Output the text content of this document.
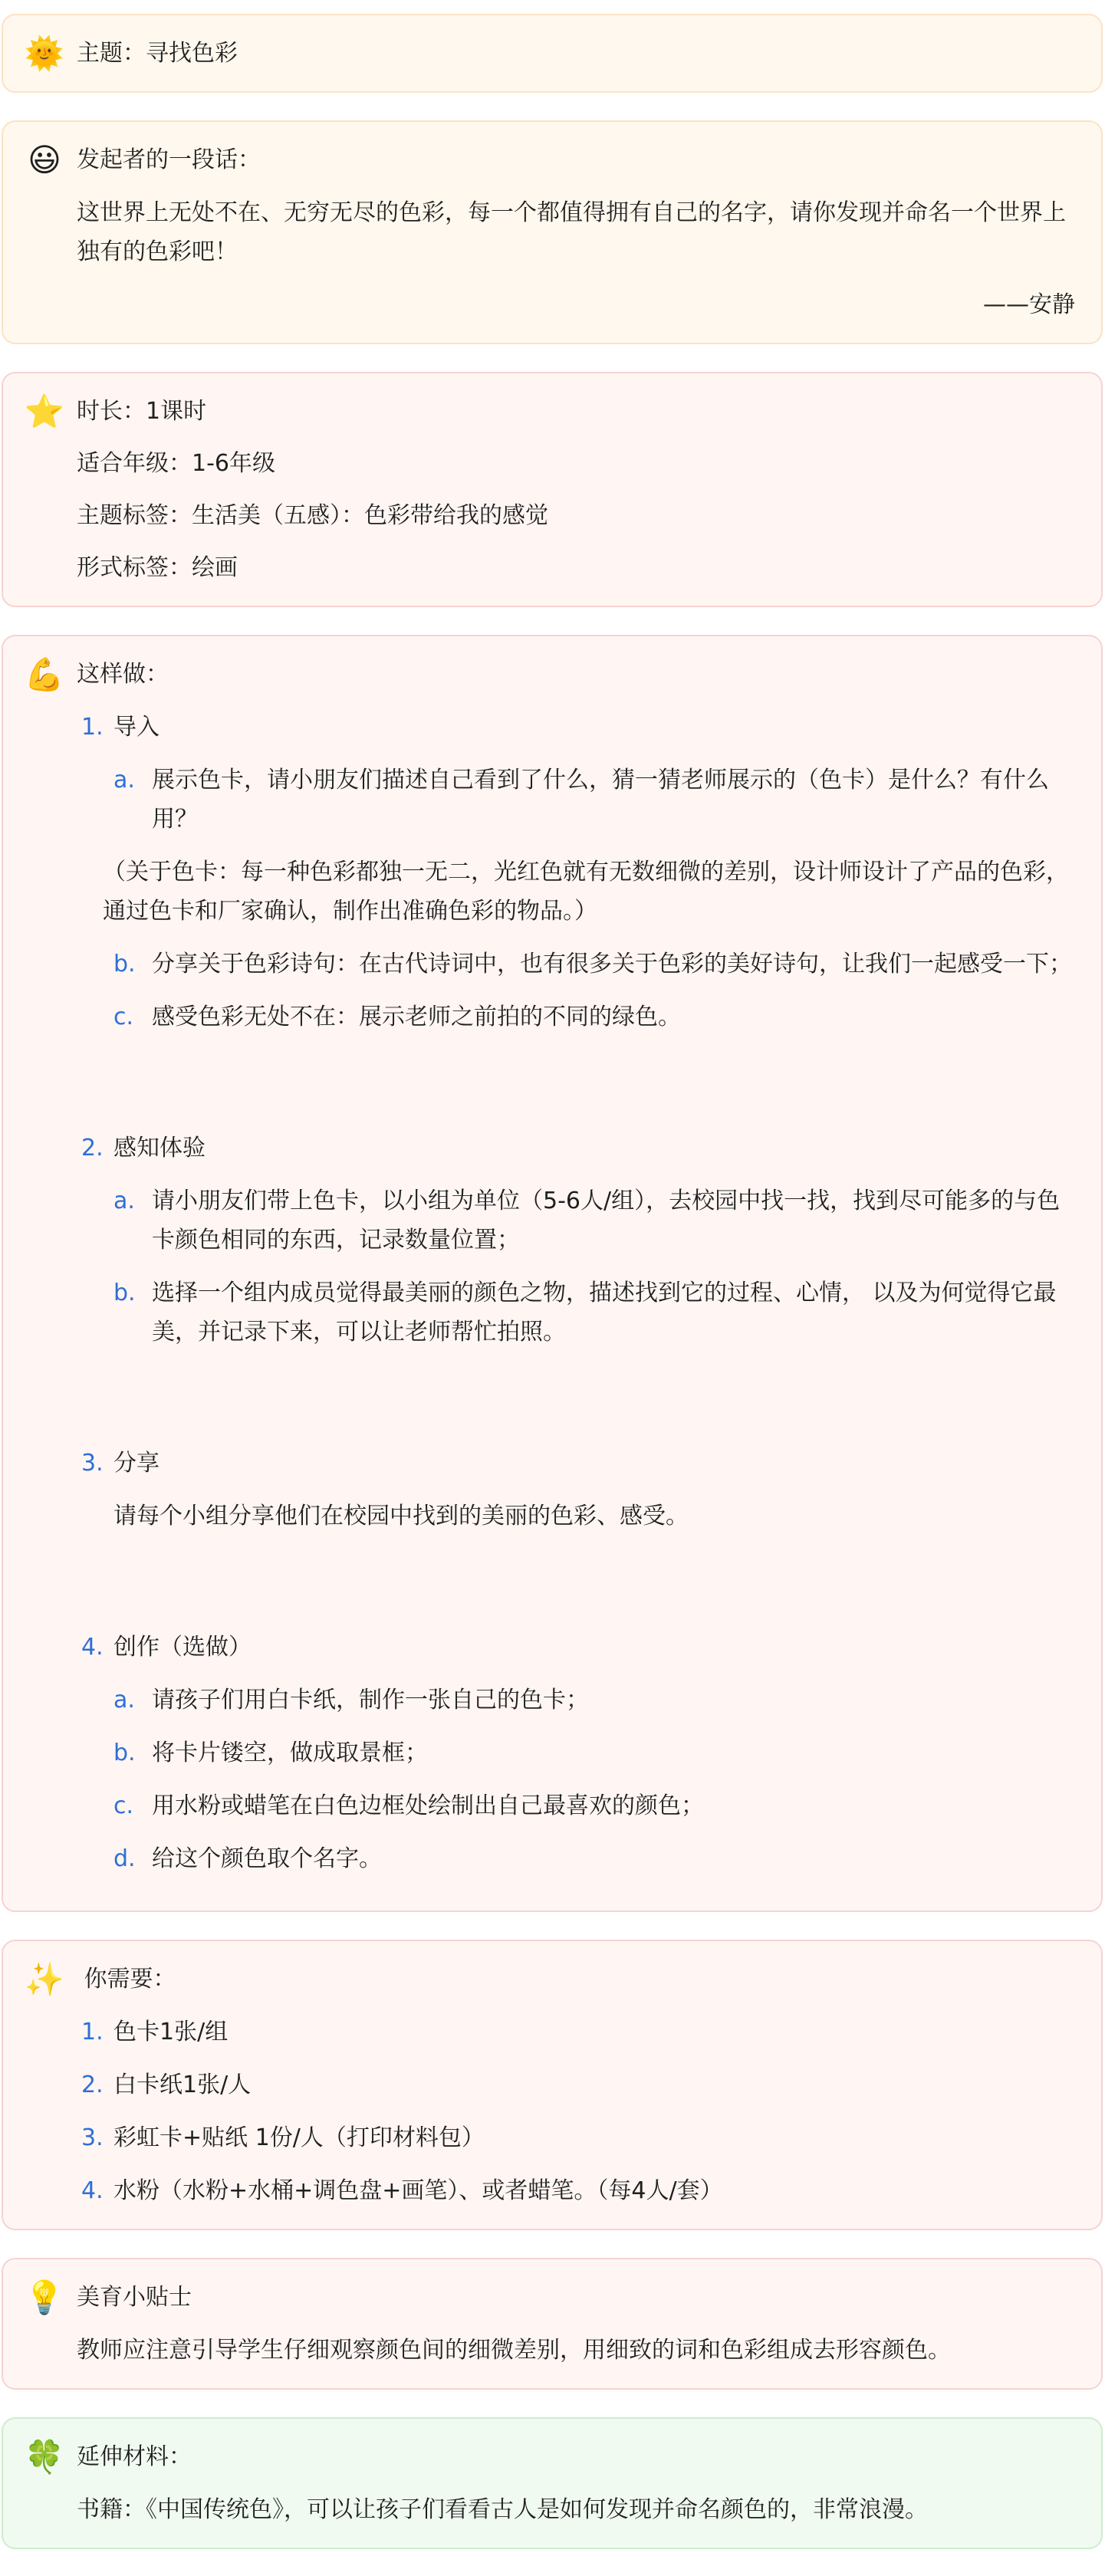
🌞 主题：寻找色彩
😃 发起者的一段话：
这世界上无处不在、无穷无尽的色彩，每一个都值得拥有自己的名字，请你发现并命名一个世界上独有的色彩吧！
——安静
⭐ 时长：1课时
适合年级：1-6年级
主题标签：生活美（五感）：色彩带给我的感觉
形式标签：绘画
💪 这样做：
1. 导入
a. 展示色卡，请小朋友们描述自己看到了什么，猜一猜老师展示的（色卡）是什么？有什么用？
（关于色卡：每一种色彩都独一无二，光红色就有无数细微的差别，设计师设计了产品的色彩，通过色卡和厂家确认，制作出准确色彩的物品。）
b. 分享关于色彩诗句：在古代诗词中，也有很多关于色彩的美好诗句，让我们一起感受一下；
c. 感受色彩无处不在：展示老师之前拍的不同的绿色。
2. 感知体验
a. 请小朋友们带上色卡，以小组为单位（5-6人/组），去校园中找一找，找到尽可能多的与色卡颜色相同的东西，记录数量位置；
b. 选择一个组内成员觉得最美丽的颜色之物，描述找到它的过程、心情， 以及为何觉得它最美，并记录下来，可以让老师帮忙拍照。
3. 分享
请每个小组分享他们在校园中找到的美丽的色彩、感受。
4. 创作（选做）
a. 请孩子们用白卡纸，制作一张自己的色卡；
b. 将卡片镂空，做成取景框；
c. 用水粉或蜡笔在白色边框处绘制出自己最喜欢的颜色；
d. 给这个颜色取个名字。
✨ 你需要：
1. 色卡1张/组
2. 白卡纸1张/人
3. 彩虹卡+贴纸 1份/人（打印材料包）
4. 水粉（水粉+水桶+调色盘+画笔）、或者蜡笔。（每4人/套）
💡 美育小贴士
教师应注意引导学生仔细观察颜色间的细微差别，用细致的词和色彩组成去形容颜色。
🍀 延伸材料：
书籍：《中国传统色》，可以让孩子们看看古人是如何发现并命名颜色的，非常浪漫。
